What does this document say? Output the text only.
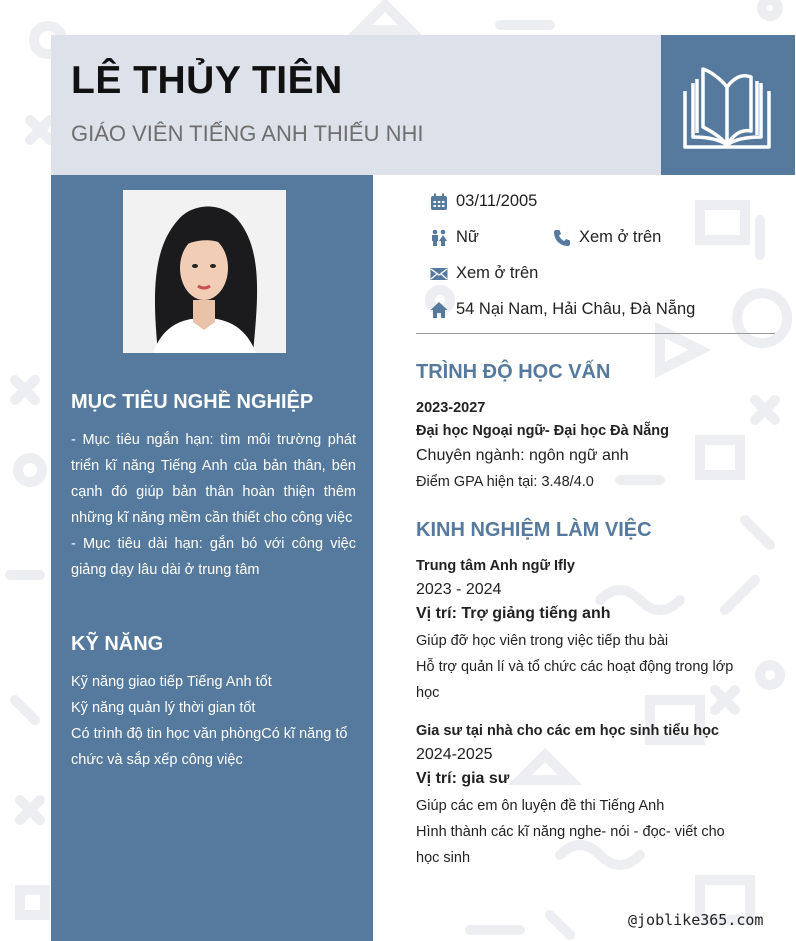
LÊ THỦY TIÊN
GIÁO VIÊN TIẾNG ANH THIẾU NHI
MỤC TIÊU NGHỀ NGHIỆP

- Mục tiêu ngắn hạn: tìm môi trường phát triển kĩ năng Tiếng Anh của bản thân, bên cạnh đó giúp bản thân hoàn thiện thêm những kĩ năng mềm cần thiết cho công việc

- Mục tiêu dài hạn: gắn bó với công việc giảng dạy lâu dài ở trung tâm

KỸ NĂNG

Kỹ năng giao tiếp Tiếng Anh tốt

Kỹ năng quản lý thời gian tốt

Có trình độ tin học văn phòngCó kĩ năng tổ chức và sắp xếp công việc

03/11/2005
Nữ	Xem ở trên
Xem ở trên
54 Nại Nam, Hải Châu, Đà Nẵng
TRÌNH ĐỘ HỌC VẤN

2023-2027

Đại học Ngoại ngữ- Đại học Đà Nẵng

Chuyên ngành: ngôn ngữ anh

Điểm GPA hiện tại: 3.48/4.0

KINH NGHIỆM LÀM VIỆC

Trung tâm Anh ngữ Ifly

2023 - 2024

Vị trí: Trợ giảng tiếng anh

Giúp đỡ học viên trong việc tiếp thu bài
Hỗ trợ quản lí và tổ chức các hoạt động trong lớp học

Gia sư tại nhà cho các em học sinh tiểu học

2024-2025

Vị trí: gia sư

Giúp các em ôn luyện đề thi Tiếng Anh
Hình thành các kĩ năng nghe- nói - đọc- viết cho học sinh
@joblike365.com
